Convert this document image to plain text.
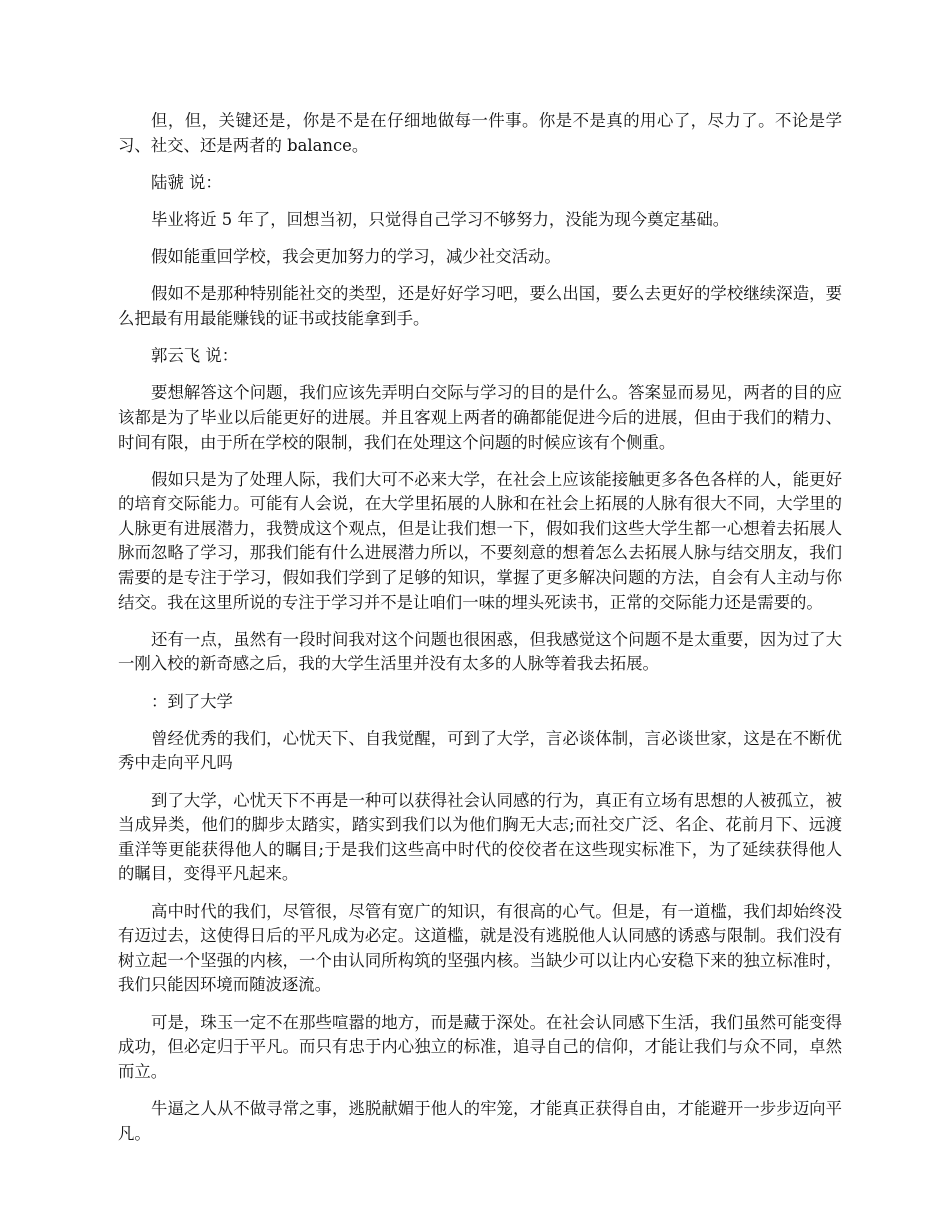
但，但，关键还是，你是不是在仔细地做每一件事。你是不是真的用心了，尽力了。不论是学习、社交、还是两者的 balance。

陆虢 说：

毕业将近 5 年了，回想当初，只觉得自己学习不够努力，没能为现今奠定基础。

假如能重回学校，我会更加努力的学习，减少社交活动。

假如不是那种特别能社交的类型，还是好好学习吧，要么出国，要么去更好的学校继续深造，要么把最有用最能赚钱的证书或技能拿到手。

郭云飞 说：

要想解答这个问题，我们应该先弄明白交际与学习的目的是什么。答案显而易见，两者的目的应该都是为了毕业以后能更好的进展。并且客观上两者的确都能促进今后的进展，但由于我们的精力、时间有限，由于所在学校的限制，我们在处理这个问题的时候应该有个侧重。

假如只是为了处理人际，我们大可不必来大学，在社会上应该能接触更多各色各样的人，能更好的培育交际能力。可能有人会说，在大学里拓展的人脉和在社会上拓展的人脉有很大不同，大学里的人脉更有进展潜力，我赞成这个观点，但是让我们想一下，假如我们这些大学生都一心想着去拓展人脉而忽略了学习，那我们能有什么进展潜力所以，不要刻意的想着怎么去拓展人脉与结交朋友，我们需要的是专注于学习，假如我们学到了足够的知识，掌握了更多解决问题的方法，自会有人主动与你结交。我在这里所说的专注于学习并不是让咱们一味的埋头死读书，正常的交际能力还是需要的。

还有一点，虽然有一段时间我对这个问题也很困惑，但我感觉这个问题不是太重要，因为过了大一刚入校的新奇感之后，我的大学生活里并没有太多的人脉等着我去拓展。

：到了大学

曾经优秀的我们，心忧天下、自我觉醒，可到了大学，言必谈体制，言必谈世家，这是在不断优秀中走向平凡吗

到了大学，心忧天下不再是一种可以获得社会认同感的行为，真正有立场有思想的人被孤立，被当成异类，他们的脚步太踏实，踏实到我们以为他们胸无大志;而社交广泛、名企、花前月下、远渡重洋等更能获得他人的瞩目;于是我们这些高中时代的佼佼者在这些现实标准下，为了延续获得他人的瞩目，变得平凡起来。

高中时代的我们，尽管很，尽管有宽广的知识，有很高的心气。但是，有一道槛，我们却始终没有迈过去，这使得日后的平凡成为必定。这道槛，就是没有逃脱他人认同感的诱惑与限制。我们没有树立起一个坚强的内核，一个由认同所构筑的坚强内核。当缺少可以让内心安稳下来的独立标准时，我们只能因环境而随波逐流。

可是，珠玉一定不在那些喧嚣的地方，而是藏于深处。在社会认同感下生活，我们虽然可能变得成功，但必定归于平凡。而只有忠于内心独立的标准，追寻自己的信仰，才能让我们与众不同，卓然而立。

牛逼之人从不做寻常之事，逃脱献媚于他人的牢笼，才能真正获得自由，才能避开一步步迈向平凡。
